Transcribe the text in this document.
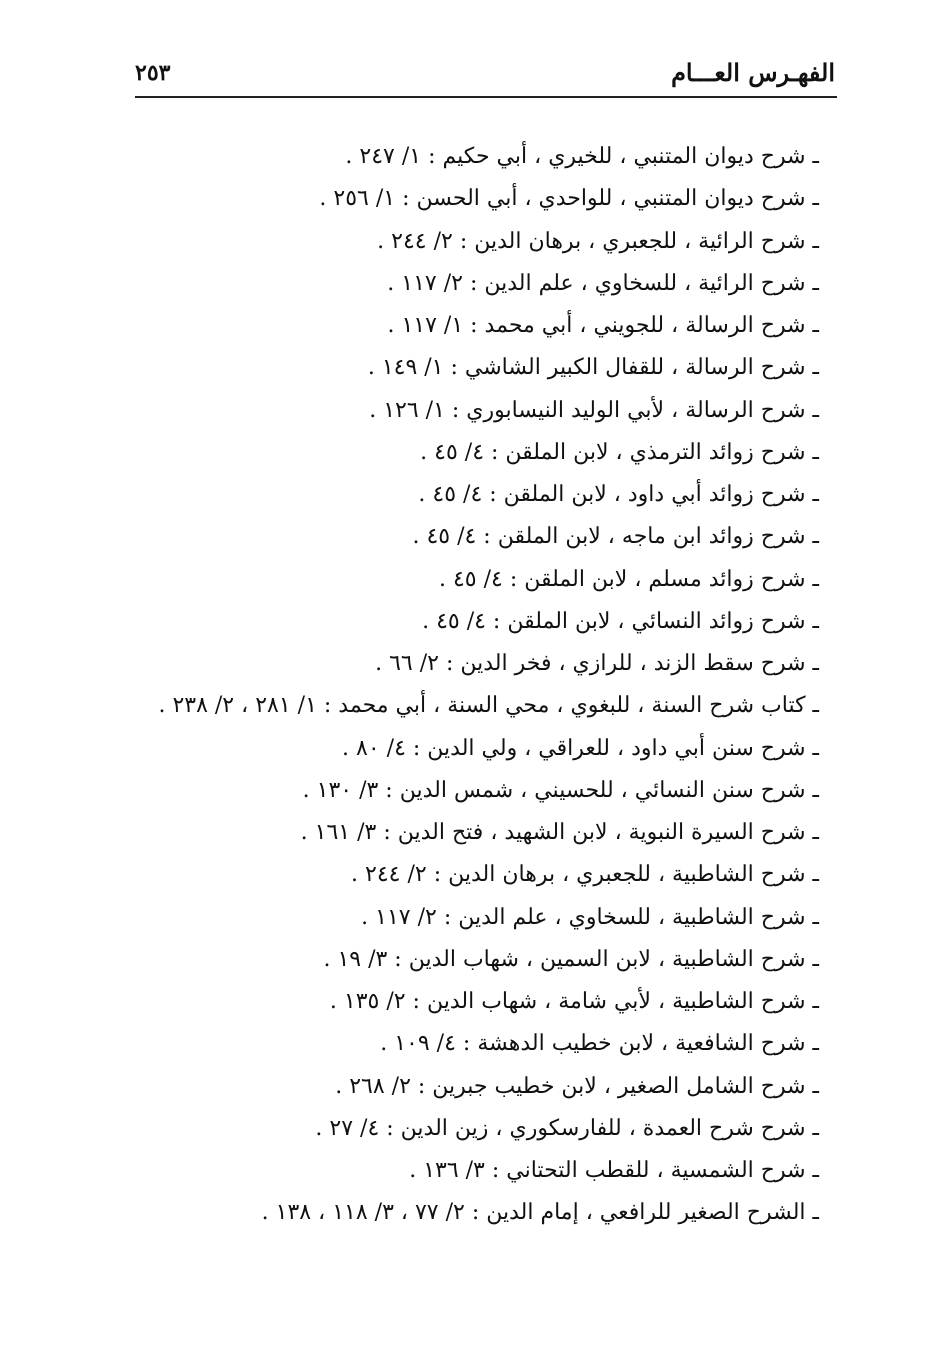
٢٥٣	الفهـرس العـــام
ـ شرح ديوان المتنبي ، للخيري ، أبي حكيم : ١/ ٢٤٧ .
ـ شرح ديوان المتنبي ، للواحدي ، أبي الحسن : ١/ ٢٥٦ .
ـ شرح الرائية ، للجعبري ، برهان الدين : ٢/ ٢٤٤ .
ـ شرح الرائية ، للسخاوي ، علم الدين : ٢/ ١١٧ .
ـ شرح الرسالة ، للجويني ، أبي محمد : ١/ ١١٧ .
ـ شرح الرسالة ، للقفال الكبير الشاشي : ١/ ١٤٩ .
ـ شرح الرسالة ، لأبي الوليد النيسابوري : ١/ ١٢٦ .
ـ شرح زوائد الترمذي ، لابن الملقن : ٤/ ٤٥ .
ـ شرح زوائد أبي داود ، لابن الملقن : ٤/ ٤٥ .
ـ شرح زوائد ابن ماجه ، لابن الملقن : ٤/ ٤٥ .
ـ شرح زوائد مسلم ، لابن الملقن : ٤/ ٤٥ .
ـ شرح زوائد النسائي ، لابن الملقن : ٤/ ٤٥ .
ـ شرح سقط الزند ، للرازي ، فخر الدين : ٢/ ٦٦ .
ـ كتاب شرح السنة ، للبغوي ، محي السنة ، أبي محمد : ١/ ٢٨١ ، ٢/ ٢٣٨ .
ـ شرح سنن أبي داود ، للعراقي ، ولي الدين : ٤/ ٨٠ .
ـ شرح سنن النسائي ، للحسيني ، شمس الدين : ٣/ ١٣٠ .
ـ شرح السيرة النبوية ، لابن الشهيد ، فتح الدين : ٣/ ١٦١ .
ـ شرح الشاطبية ، للجعبري ، برهان الدين : ٢/ ٢٤٤ .
ـ شرح الشاطبية ، للسخاوي ، علم الدين : ٢/ ١١٧ .
ـ شرح الشاطبية ، لابن السمين ، شهاب الدين : ٣/ ١٩ .
ـ شرح الشاطبية ، لأبي شامة ، شهاب الدين : ٢/ ١٣٥ .
ـ شرح الشافعية ، لابن خطيب الدهشة : ٤/ ١٠٩ .
ـ شرح الشامل الصغير ، لابن خطيب جبرين : ٢/ ٢٦٨ .
ـ شرح شرح العمدة ، للفارسكوري ، زين الدين : ٤/ ٢٧ .
ـ شرح الشمسية ، للقطب التحتاني : ٣/ ١٣٦ .
ـ الشرح الصغير للرافعي ، إمام الدين : ٢/ ٧٧ ، ٣/ ١١٨ ، ١٣٨ .
